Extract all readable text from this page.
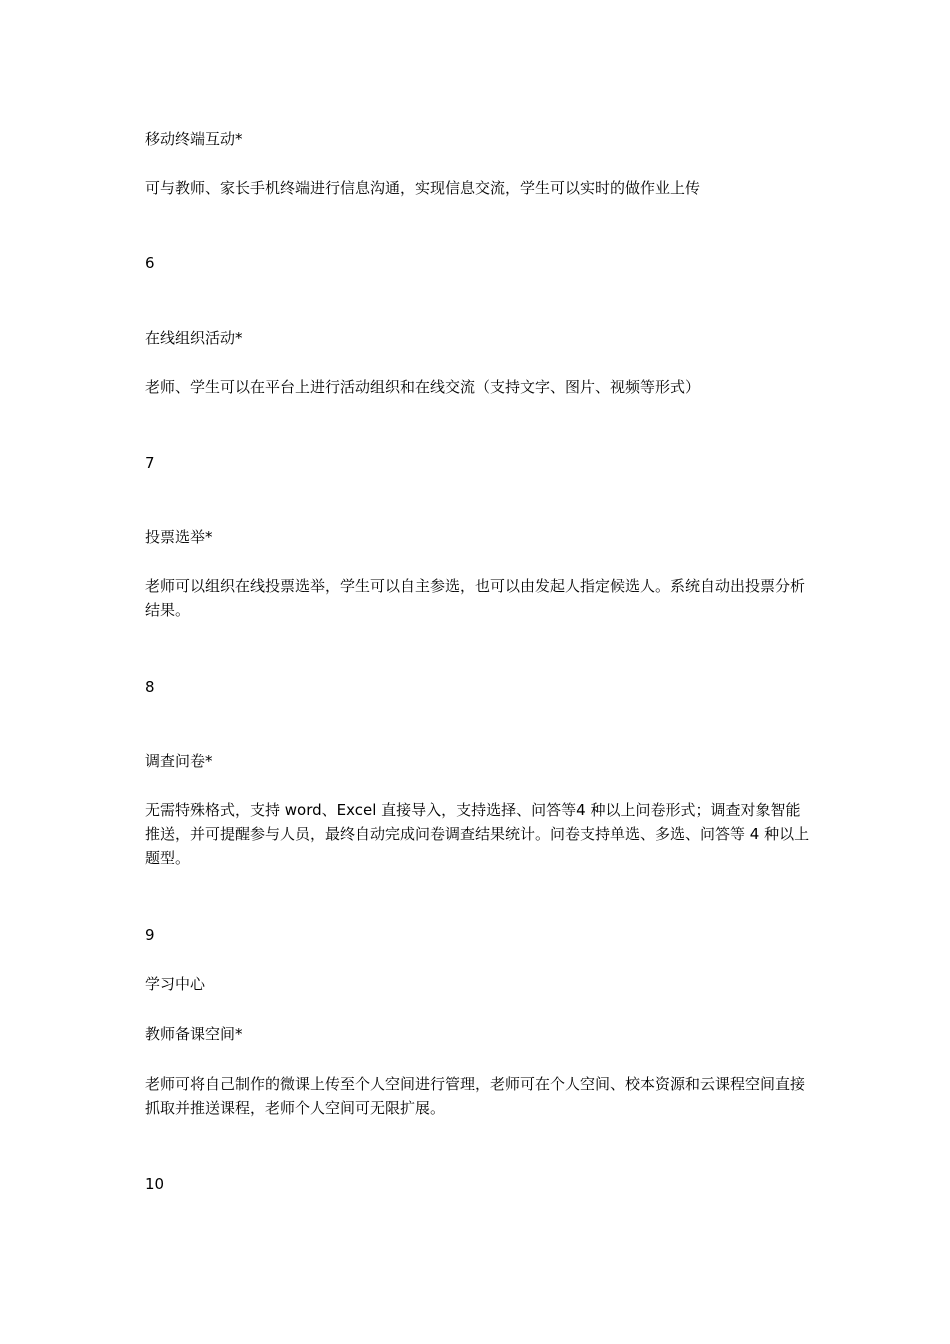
移动终端互动*

可与教师、家长手机终端进行信息沟通，实现信息交流，学生可以实时的做作业上传

6

在线组织活动*

老师、学生可以在平台上进行活动组织和在线交流（支持文字、图片、视频等形式）

7

投票选举*

老师可以组织在线投票选举，学生可以自主参选，也可以由发起人指定候选人。系统自动出投票分析结果。

8

调查问卷*

无需特殊格式，支持 word、Excel 直接导入，支持选择、问答等4 种以上问卷形式；调查对象智能推送，并可提醒参与人员，最终自动完成问卷调查结果统计。问卷支持单选、多选、问答等 4 种以上题型。

9

学习中心

教师备课空间*

老师可将自己制作的微课上传至个人空间进行管理，老师可在个人空间、校本资源和云课程空间直接抓取并推送课程，老师个人空间可无限扩展。

10
